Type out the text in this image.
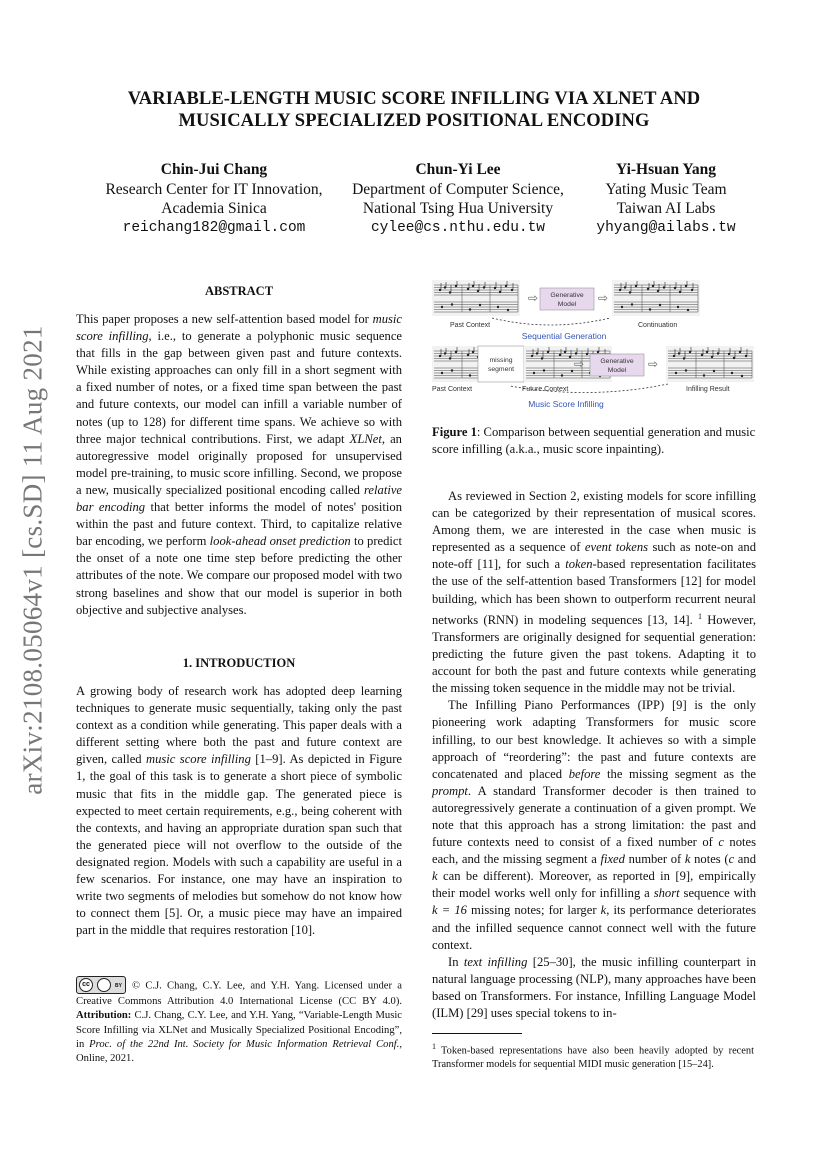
VARIABLE-LENGTH MUSIC SCORE INFILLING VIA XLNET AND
MUSICALLY SPECIALIZED POSITIONAL ENCODING
Chin-Jui Chang
Research Center for IT Innovation,
Academia Sinica
reichang182@gmail.com
Chun-Yi Lee
Department of Computer Science,
National Tsing Hua University
cylee@cs.nthu.edu.tw
Yi-Hsuan Yang
Yating Music Team
Taiwan AI Labs
yhyang@ailabs.tw
arXiv:2108.05064v1 [cs.SD] 11 Aug 2021
ABSTRACT

This paper proposes a new self-attention based model for music score infilling, i.e., to generate a polyphonic music sequence that fills in the gap between given past and future contexts. While existing approaches can only fill in a short segment with a fixed number of notes, or a fixed time span between the past and future contexts, our model can infill a variable number of notes (up to 128) for different time spans. We achieve so with three major technical contributions. First, we adapt XLNet, an autoregressive model originally proposed for unsupervised model pre-training, to music score infilling. Second, we propose a new, musically specialized positional encoding called relative bar encoding that better informs the model of notes' position within the past and future context. Third, to capitalize relative bar encoding, we perform look-ahead onset prediction to predict the onset of a note one time step before predicting the other attributes of the note. We compare our proposed model with two strong baselines and show that our model is superior in both objective and subjective analyses.

1. INTRODUCTION

A growing body of research work has adopted deep learning techniques to generate music sequentially, taking only the past context as a condition while generating. This paper deals with a different setting where both the past and future context are given, called music score infilling [1–9]. As depicted in Figure 1, the goal of this task is to generate a short piece of symbolic music that fits in the middle gap. The generated piece is expected to meet certain requirements, e.g., being coherent with the contexts, and having an appropriate duration span such that the generated piece will not overflow to the outside of the designated region. Models with such a capability are useful in a few scenarios. For instance, one may have an inspiration to write two segments of melodies but somehow do not know how to connect them [5]. Or, a music piece may have an impaired part in the middle that requires restoration [10].

cc	BY © C.J. Chang, C.Y. Lee, and Y.H. Yang. Licensed under a Creative Commons Attribution 4.0 International License (CC BY 4.0). Attribution: C.J. Chang, C.Y. Lee, and Y.H. Yang, “Variable-Length Music Score Infilling via XLNet and Musically Specialized Positional Encoding”, in Proc. of the 22nd Int. Society for Music Information Retrieval Conf., Online, 2021.
⇨ Generative
Model ⇨
Past Context	Continuation
Sequential Generation
missing
segment	⇨ Generative
Model ⇨
Past Context	Future Context	Infilling Result
Music Score Infilling
Figure 1: Comparison between sequential generation and music score infilling (a.k.a., music score inpainting).

As reviewed in Section 2, existing models for score infilling can be categorized by their representation of musical scores. Among them, we are interested in the case when music is represented as a sequence of event tokens such as note-on and note-off [11], for such a token-based representation facilitates the use of the self-attention based Transformers [12] for model building, which has been shown to outperform recurrent neural networks (RNN) in modeling sequences [13, 14]. $^1$ However, Transformers are originally designed for sequential generation: predicting the future given the past tokens. Adapting it to account for both the past and future contexts while generating the missing token sequence in the middle may not be trivial.

The Infilling Piano Performances (IPP) [9] is the only pioneering work adapting Transformers for music score infilling, to our best knowledge. It achieves so with a simple approach of “reordering”: the past and future contexts are concatenated and placed before the missing segment as the prompt. A standard Transformer decoder is then trained to autoregressively generate a continuation of a given prompt. We note that this approach has a strong limitation: the past and future contexts need to consist of a fixed number of c notes each, and the missing segment a fixed number of k notes (c and k can be different). Moreover, as reported in [9], empirically their model works well only for infilling a short sequence with k = 16 missing notes; for larger k, its performance deteriorates and the infilled sequence cannot connect well with the future context.

In text infilling [25–30], the music infilling counterpart in natural language processing (NLP), many approaches have been based on Transformers. For instance, Infilling Language Model (ILM) [29] uses special tokens to in-

$^1$ Token-based representations have also been heavily adopted by recent Transformer models for sequential MIDI music generation [15–24].
